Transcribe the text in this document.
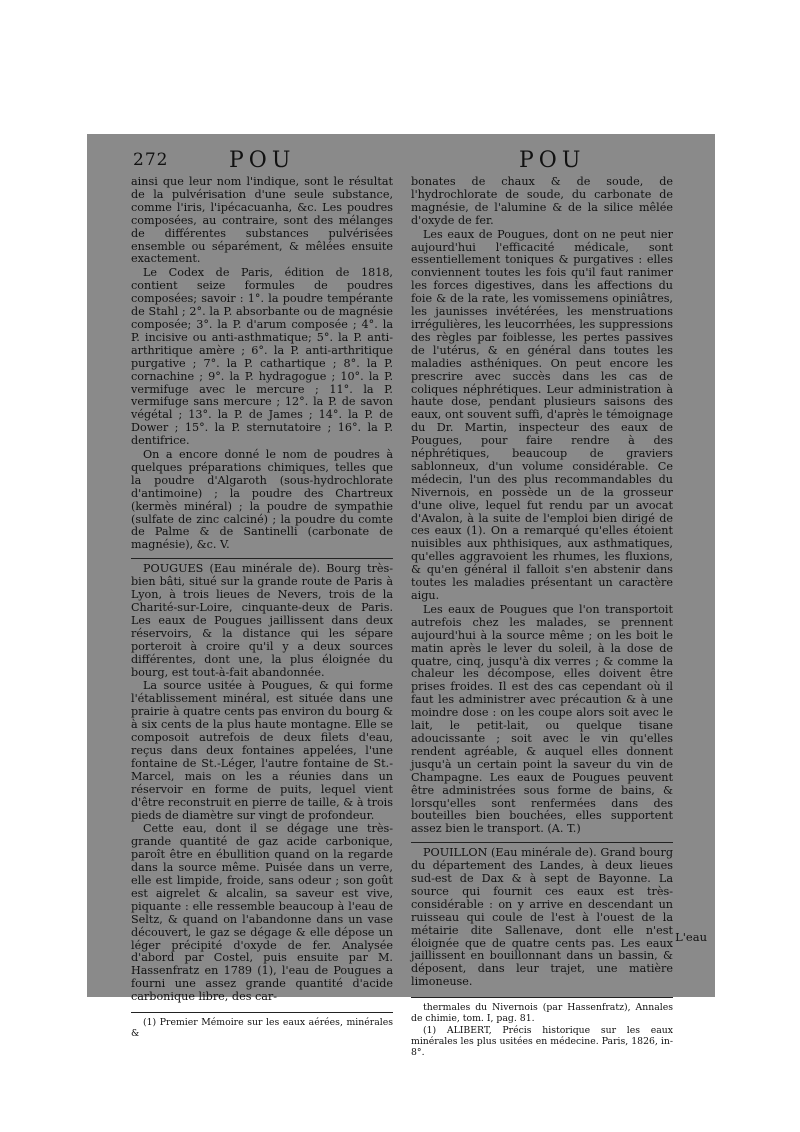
272	POU	POU

ainsi que leur nom l'indique, sont le résultat de la pulvérisation d'une seule substance, comme l'iris, l'ipécacuanha, &c. Les poudres composées, au contraire, sont des mélanges de différentes substances pulvérisées ensemble ou séparément, & mêlées ensuite exactement.

Le Codex de Paris, édition de 1818, contient seize formules de poudres composées; savoir : 1°. la poudre tempérante de Stahl ; 2°. la P. absorbante ou de magnésie composée; 3°. la P. d'arum composée ; 4°. la P. incisive ou anti-asthmatique; 5°. la P. anti-arthritique amère ; 6°. la P. anti-arthritique purgative ; 7°. la P. cathartique ; 8°. la P. cornachine ; 9°. la P. hydragogue ; 10°. la P. vermifuge avec le mercure ; 11°. la P. vermifuge sans mercure ; 12°. la P. de savon végétal ; 13°. la P. de James ; 14°. la P. de Dower ; 15°. la P. sternutatoire ; 16°. la P. dentifrice.

On a encore donné le nom de poudres à quelques préparations chimiques, telles que la poudre d'Algaroth (sous-hydrochlorate d'antimoine) ; la poudre des Chartreux (kermès minéral) ; la poudre de sympathie (sulfate de zinc calciné) ; la poudre du comte de Palme & de Santinelli (carbonate de magnésie), &c. V.

POUGUES (Eau minérale de). Bourg très-bien bâti, situé sur la grande route de Paris à Lyon, à trois lieues de Nevers, trois de la Charité-sur-Loire, cinquante-deux de Paris. Les eaux de Pougues jaillissent dans deux réservoirs, & la distance qui les sépare porteroit à croire qu'il y a deux sources différentes, dont une, la plus éloignée du bourg, est tout-à-fait abandonnée.

La source usitée à Pougues, & qui forme l'établissement minéral, est située dans une prairie à quatre cents pas environ du bourg & à six cents de la plus haute montagne. Elle se composoit autrefois de deux filets d'eau, reçus dans deux fontaines appelées, l'une fontaine de St.-Léger, l'autre fontaine de St.-Marcel, mais on les a réunies dans un réservoir en forme de puits, lequel vient d'être reconstruit en pierre de taille, & à trois pieds de diamètre sur vingt de profondeur.

Cette eau, dont il se dégage une très-grande quantité de gaz acide carbonique, paroît être en ébullition quand on la regarde dans la source même. Puisée dans un verre, elle est limpide, froide, sans odeur ; son goût est aigrelet & alcalin, sa saveur est vive, piquante : elle ressemble beaucoup à l'eau de Seltz, & quand on l'abandonne dans un vase découvert, le gaz se dégage & elle dépose un léger précipité d'oxyde de fer. Analysée d'abord par Costel, puis ensuite par M. Hassenfratz en 1789 (1), l'eau de Pougues a fourni une assez grande quantité d'acide carbonique libre, des car-

(1) Premier Mémoire sur les eaux aérées, minérales &

bonates de chaux & de soude, de l'hydrochlorate de soude, du carbonate de magnésie, de l'alumine & de la silice mêlée d'oxyde de fer.

Les eaux de Pougues, dont on ne peut nier aujourd'hui l'efficacité médicale, sont essentiellement toniques & purgatives : elles conviennent toutes les fois qu'il faut ranimer les forces digestives, dans les affections du foie & de la rate, les vomissemens opiniâtres, les jaunisses invétérées, les menstruations irrégulières, les leucorrhées, les suppressions des règles par foiblesse, les pertes passives de l'utérus, & en général dans toutes les maladies asthéniques. On peut encore les prescrire avec succès dans les cas de coliques néphrétiques. Leur administration à haute dose, pendant plusieurs saisons des eaux, ont souvent suffi, d'après le témoignage du Dr. Martin, inspecteur des eaux de Pougues, pour faire rendre à des néphrétiques, beaucoup de graviers sablonneux, d'un volume considérable. Ce médecin, l'un des plus recommandables du Nivernois, en possède un de la grosseur d'une olive, lequel fut rendu par un avocat d'Avalon, à la suite de l'emploi bien dirigé de ces eaux (1). On a remarqué qu'elles étoient nuisibles aux phthisiques, aux asthmatiques, qu'elles aggravoient les rhumes, les fluxions, & qu'en général il falloit s'en abstenir dans toutes les maladies présentant un caractère aigu.

Les eaux de Pougues que l'on transportoit autrefois chez les malades, se prennent aujourd'hui à la source même ; on les boit le matin après le lever du soleil, à la dose de quatre, cinq, jusqu'à dix verres ; & comme la chaleur les décompose, elles doivent être prises froides. Il est des cas cependant où il faut les administrer avec précaution & à une moindre dose : on les coupe alors soit avec le lait, le petit-lait, ou quelque tisane adoucissante ; soit avec le vin qu'elles rendent agréable, & auquel elles donnent jusqu'à un certain point la saveur du vin de Champagne. Les eaux de Pougues peuvent être administrées sous forme de bains, & lorsqu'elles sont renfermées dans des bouteilles bien bouchées, elles supportent assez bien le transport. (A. T.)

POUILLON (Eau minérale de). Grand bourg du département des Landes, à deux lieues sud-est de Dax & à sept de Bayonne. La source qui fournit ces eaux est très-considérable : on y arrive en descendant un ruisseau qui coule de l'est à l'ouest de la métairie dite Sallenave, dont elle n'est éloignée que de quatre cents pas. Les eaux jaillissent en bouillonnant dans un bassin, & déposent, dans leur trajet, une matière limoneuse.

thermales du Nivernois (par Hassenfratz), Annales de chimie, tom. I, pag. 81.

(1) ALIBERT, Précis historique sur les eaux minérales les plus usitées en médecine. Paris, 1826, in-8°.

L'eau
